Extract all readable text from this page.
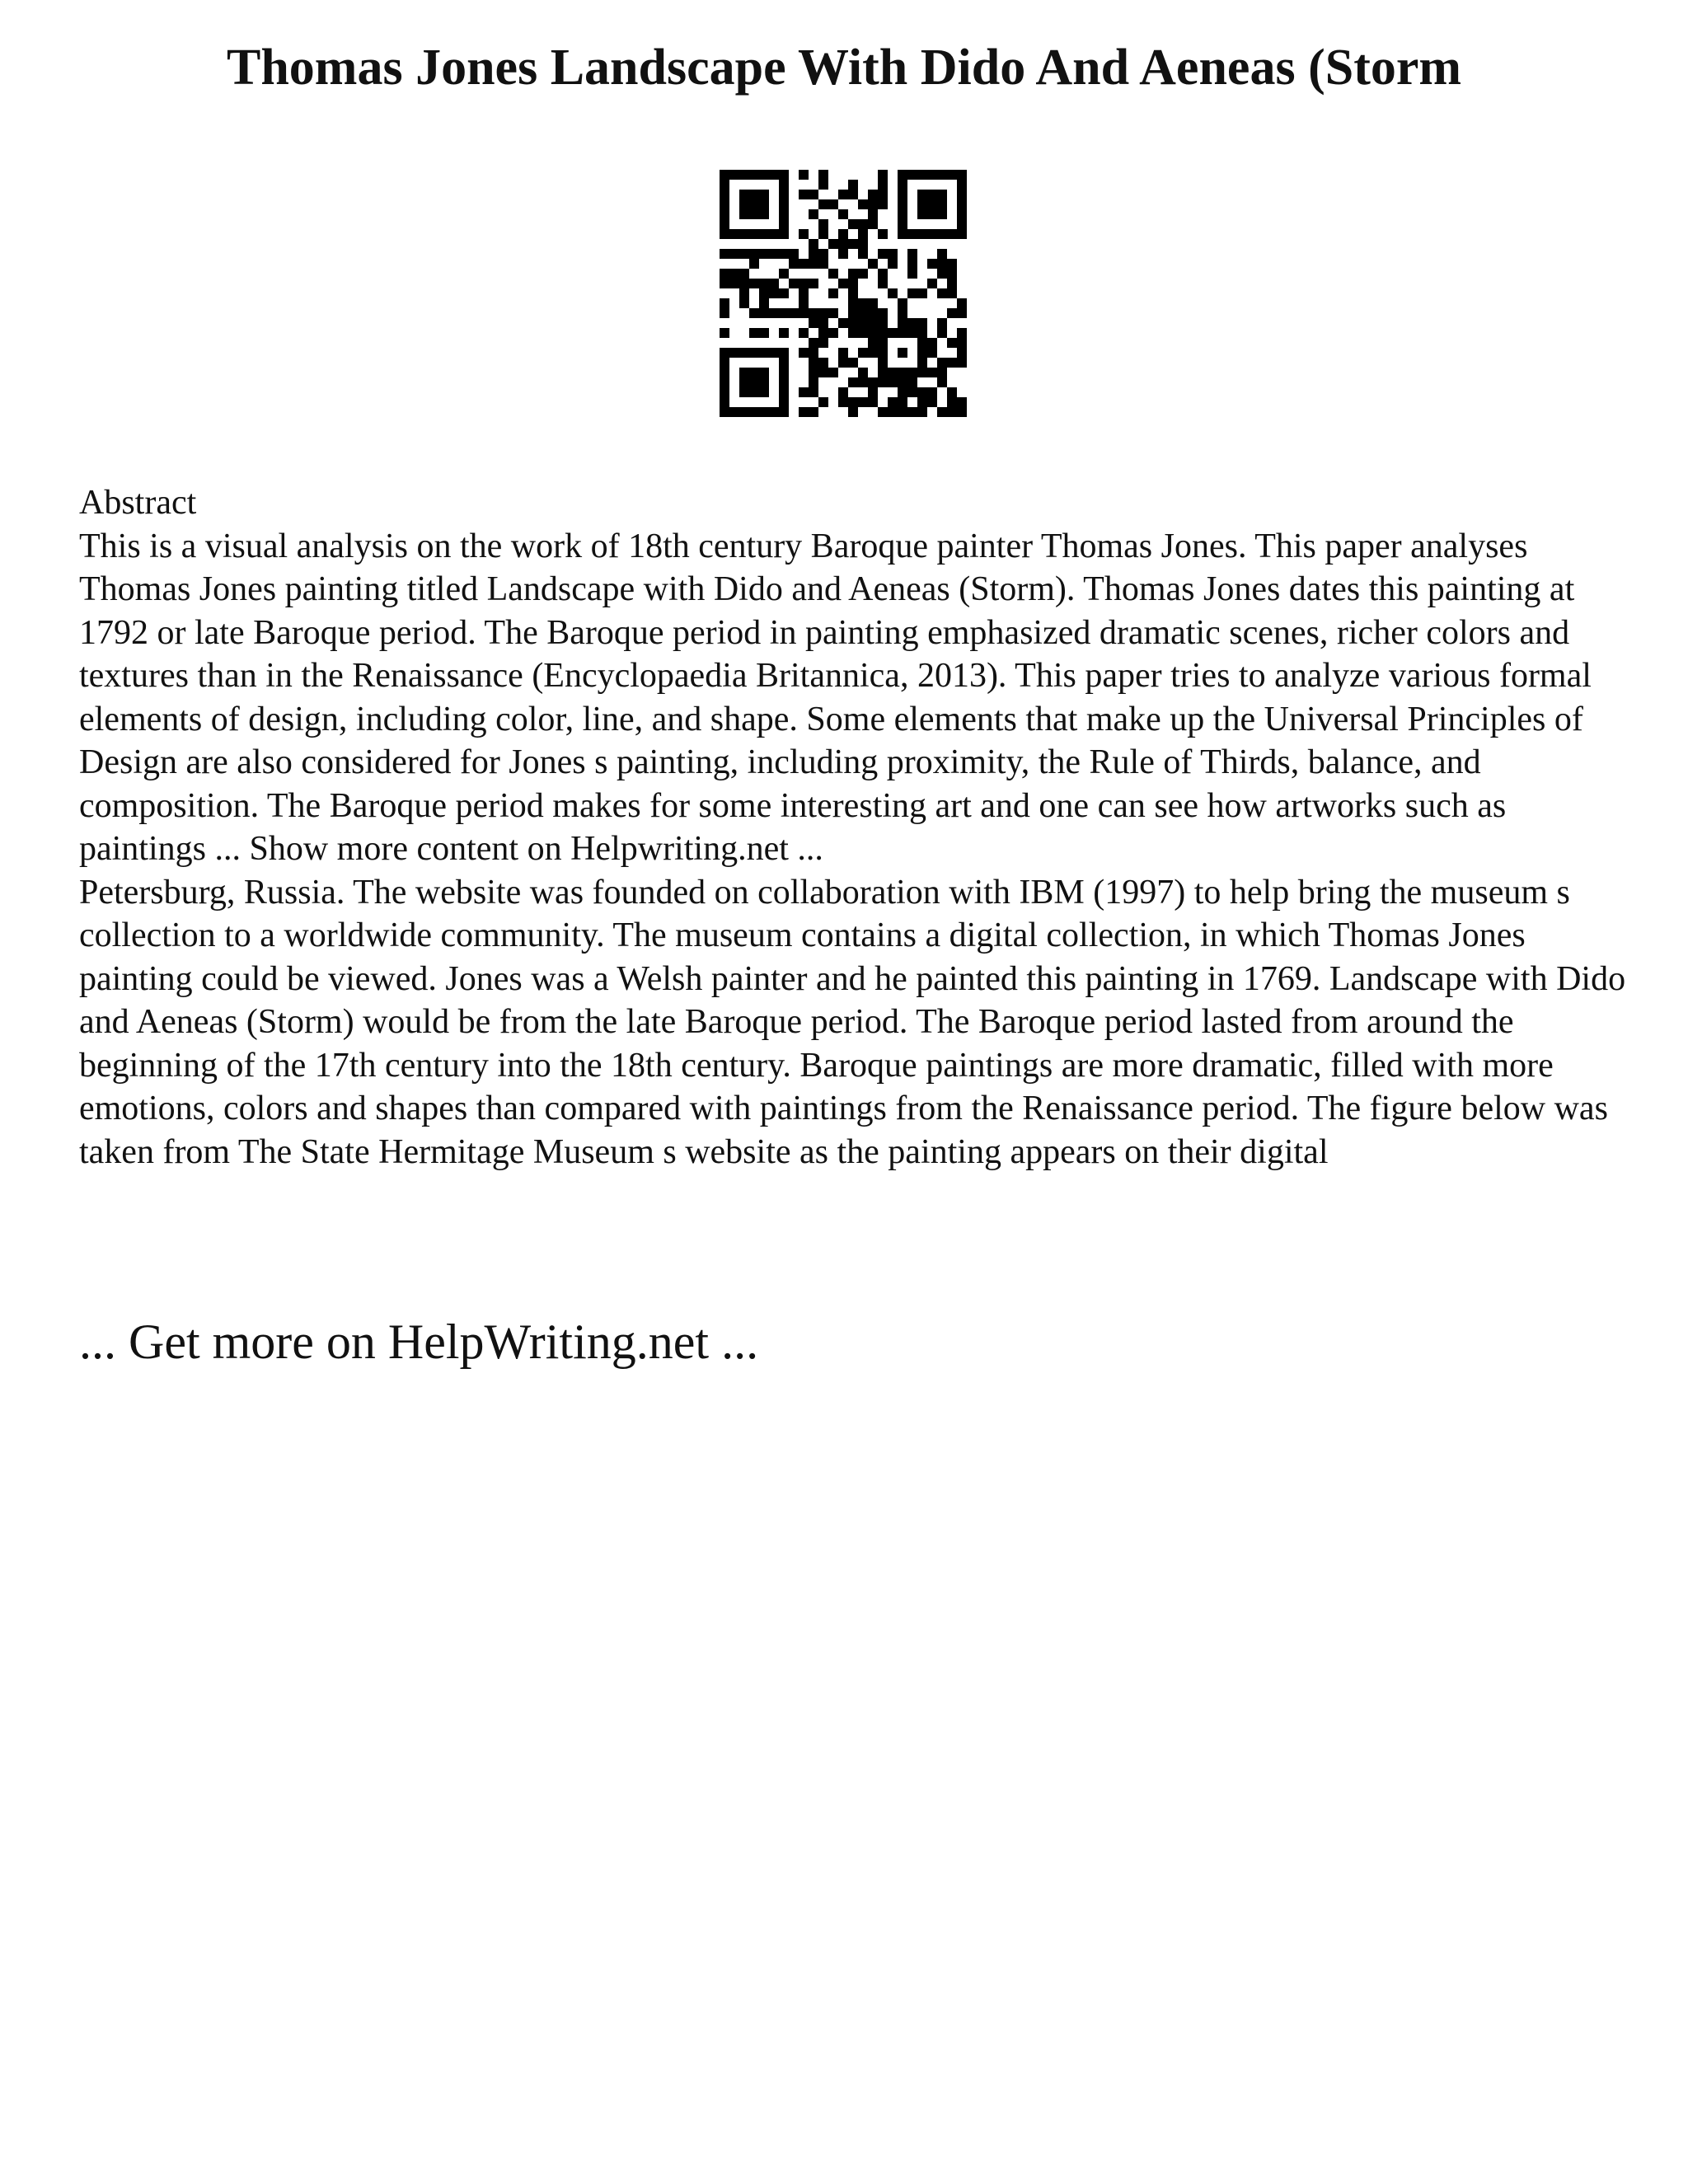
Thomas Jones Landscape With Dido And Aeneas (Storm

Abstract

This is a visual analysis on the work of 18th century Baroque painter Thomas Jones. This paper analyses Thomas Jones painting titled Landscape with Dido and Aeneas (Storm). Thomas Jones dates this painting at 1792 or late Baroque period. The Baroque period in painting emphasized dramatic scenes, richer colors and textures than in the Renaissance (Encyclopaedia Britannica, 2013). This paper tries to analyze various formal elements of design, including color, line, and shape. Some elements that make up the Universal Principles of Design are also considered for Jones s painting, including proximity, the Rule of Thirds, balance, and composition. The Baroque period makes for some interesting art and one can see how artworks such as paintings ... Show more content on Helpwriting.net ...

Petersburg, Russia. The website was founded on collaboration with IBM (1997) to help bring the museum s collection to a worldwide community. The museum contains a digital collection, in which Thomas Jones painting could be viewed. Jones was a Welsh painter and he painted this painting in 1769. Landscape with Dido and Aeneas (Storm) would be from the late Baroque period. The Baroque period lasted from around the beginning of the 17th century into the 18th century. Baroque paintings are more dramatic, filled with more emotions, colors and shapes than compared with paintings from the Renaissance period. The figure below was taken from The State Hermitage Museum s website as the painting appears on their digital

... Get more on HelpWriting.net ...
